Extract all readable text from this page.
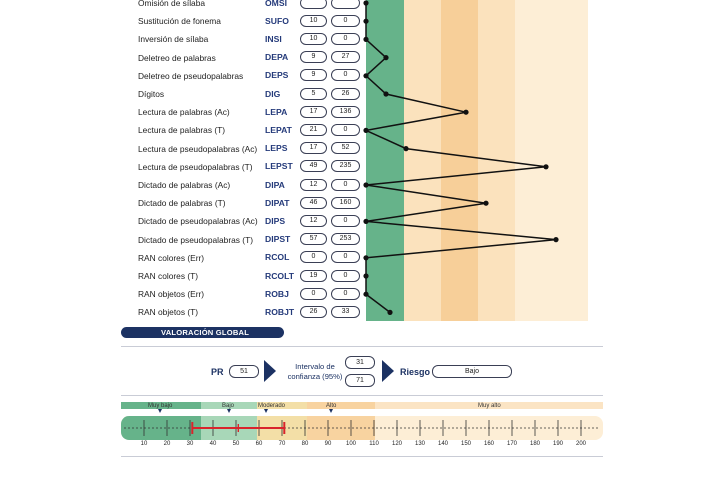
Omisión de sílaba	OMSI
Sustitución de fonema	SUFO	10	0
Inversión de sílaba	INSI	10	0
Deletreo de palabras	DEPA	9	27
Deletreo de pseudopalabras	DEPS	9	0
Dígitos	DIG	5	26
Lectura de palabras (Ac)	LEPA	17	136
Lectura de palabras (T)	LEPAT	21	0
Lectura de pseudopalabras (Ac) LEPS	17	52
Lectura de pseudopalabras (T) LEPST	49	235
Dictado de palabras (Ac)	DIPA	12	0
Dictado de palabras (T)	DIPAT	46	160
Dictado de pseudopalabras (Ac) DIPS	12	0
Dictado de pseudopalabras (T) DIPST	57	253
RAN colores (Err)	RCOL	0	0
RAN colores (T)	RCOLT	19	0
RAN objetos (Err)	ROBJ	0	0
RAN objetos (T)	ROBJT	26	33
VALORACIÓN GLOBAL
PR	51
Intervalo de
confianza (95%)
31
71
Riesgo	Bajo
Muy bajo	Bajo	Moderado	Alto	Muy alto
10	20	30	40	50	60	70	80	90 100 110 120 130 140 150 160 170 180 190 200
